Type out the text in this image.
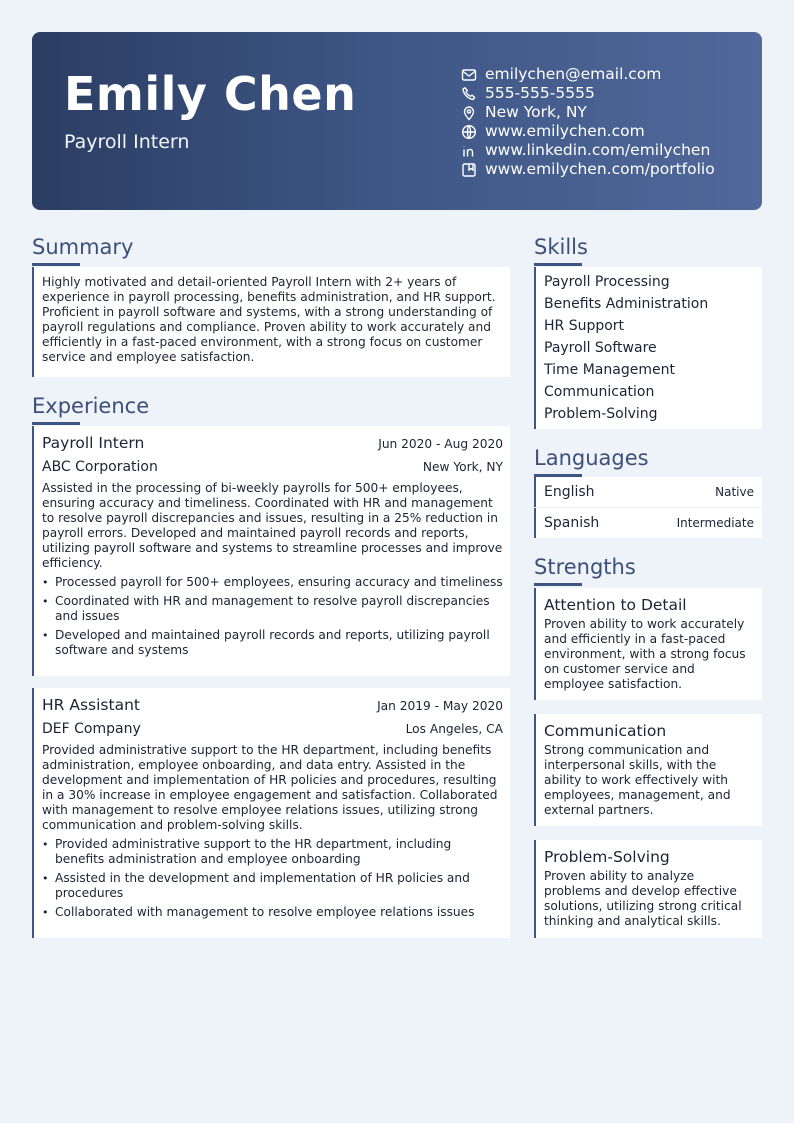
Emily Chen
Payroll Intern
emilychen@email.com
555-555-5555
New York, NY
www.emilychen.com
www.linkedin.com/emilychen
www.emilychen.com/portfolio
Summary
Highly motivated and detail-oriented Payroll Intern with 2+ years of experience in payroll processing, benefits administration, and HR support. Proficient in payroll software and systems, with a strong understanding of payroll regulations and compliance. Proven ability to work accurately and efficiently in a fast-paced environment, with a strong focus on customer service and employee satisfaction.
Experience
Payroll Intern	Jun 2020 - Aug 2020
ABC Corporation	New York, NY
Assisted in the processing of bi-weekly payrolls for 500+ employees, ensuring accuracy and timeliness. Coordinated with HR and management to resolve payroll discrepancies and issues, resulting in a 25% reduction in payroll errors. Developed and maintained payroll records and reports, utilizing payroll software and systems to streamline processes and improve efficiency.
• Processed payroll for 500+ employees, ensuring accuracy and timeliness
• Coordinated with HR and management to resolve payroll discrepancies and issues
• Developed and maintained payroll records and reports, utilizing payroll software and systems
HR Assistant	Jan 2019 - May 2020
DEF Company	Los Angeles, CA
Provided administrative support to the HR department, including benefits administration, employee onboarding, and data entry. Assisted in the development and implementation of HR policies and procedures, resulting in a 30% increase in employee engagement and satisfaction. Collaborated with management to resolve employee relations issues, utilizing strong communication and problem-solving skills.
• Provided administrative support to the HR department, including benefits administration and employee onboarding
• Assisted in the development and implementation of HR policies and procedures
• Collaborated with management to resolve employee relations issues
Skills
Payroll Processing
Benefits Administration
HR Support
Payroll Software
Time Management
Communication
Problem-Solving
Languages
English	Native
Spanish	Intermediate
Strengths
Attention to Detail
Proven ability to work accurately and efficiently in a fast-paced environment, with a strong focus on customer service and employee satisfaction.
Communication
Strong communication and interpersonal skills, with the ability to work effectively with employees, management, and external partners.
Problem-Solving
Proven ability to analyze problems and develop effective solutions, utilizing strong critical thinking and analytical skills.
